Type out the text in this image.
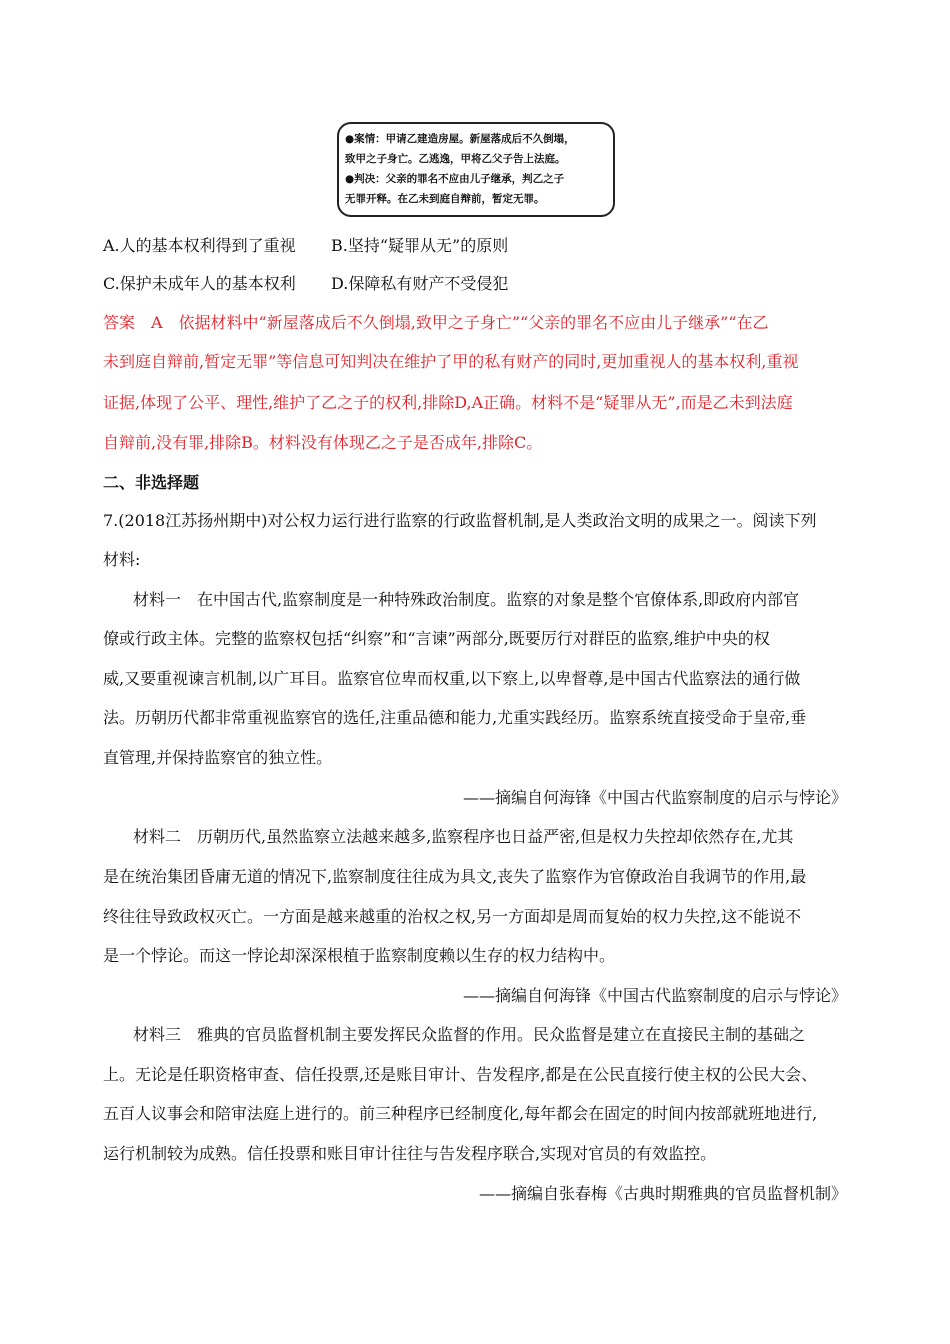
●案情：甲请乙建造房屋。新屋落成后不久倒塌，
致甲之子身亡。乙逃逸，甲将乙父子告上法庭。
●判决：父亲的罪名不应由儿子继承，判乙之子
无罪开释。在乙未到庭自辩前，暂定无罪。
A.人的基本权利得到了重视 B.坚持“疑罪从无”的原则
C.保护未成年人的基本权利 D.保障私有财产不受侵犯
答案　A　依据材料中“新屋落成后不久倒塌,致甲之子身亡”“父亲的罪名不应由儿子继承”“在乙
未到庭自辩前,暂定无罪”等信息可知判决在维护了甲的私有财产的同时,更加重视人的基本权利,重视
证据,体现了公平、理性,维护了乙之子的权利,排除D,A正确。材料不是“疑罪从无”,而是乙未到法庭
自辩前,没有罪,排除B。材料没有体现乙之子是否成年,排除C。
二、非选择题
7.(2018江苏扬州期中)对公权力运行进行监察的行政监督机制,是人类政治文明的成果之一。阅读下列
材料:
材料一　在中国古代,监察制度是一种特殊政治制度。监察的对象是整个官僚体系,即政府内部官
僚或行政主体。完整的监察权包括“纠察”和“言谏”两部分,既要厉行对群臣的监察,维护中央的权
威,又要重视谏言机制,以广耳目。监察官位卑而权重,以下察上,以卑督尊,是中国古代监察法的通行做
法。历朝历代都非常重视监察官的选任,注重品德和能力,尤重实践经历。监察系统直接受命于皇帝,垂
直管理,并保持监察官的独立性。
——摘编自何海锋《中国古代监察制度的启示与悖论》
材料二　历朝历代,虽然监察立法越来越多,监察程序也日益严密,但是权力失控却依然存在,尤其
是在统治集团昏庸无道的情况下,监察制度往往成为具文,丧失了监察作为官僚政治自我调节的作用,最
终往往导致政权灭亡。一方面是越来越重的治权之权,另一方面却是周而复始的权力失控,这不能说不
是一个悖论。而这一悖论却深深根植于监察制度赖以生存的权力结构中。
——摘编自何海锋《中国古代监察制度的启示与悖论》
材料三　雅典的官员监督机制主要发挥民众监督的作用。民众监督是建立在直接民主制的基础之
上。无论是任职资格审查、信任投票,还是账目审计、告发程序,都是在公民直接行使主权的公民大会、
五百人议事会和陪审法庭上进行的。前三种程序已经制度化,每年都会在固定的时间内按部就班地进行,
运行机制较为成熟。信任投票和账目审计往往与告发程序联合,实现对官员的有效监控。
——摘编自张春梅《古典时期雅典的官员监督机制》
